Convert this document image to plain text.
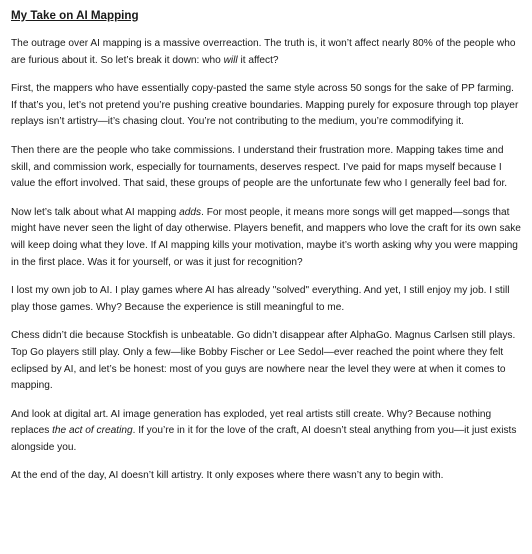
My Take on AI Mapping

The outrage over AI mapping is a massive overreaction. The truth is, it won’t affect nearly 80% of the people who are furious about it. So let’s break it down: who will it affect?

First, the mappers who have essentially copy-pasted the same style across 50 songs for the sake of PP farming. If that’s you, let’s not pretend you’re pushing creative boundaries. Mapping purely for exposure through top player replays isn’t artistry—it’s chasing clout. You’re not contributing to the medium, you’re commodifying it.

Then there are the people who take commissions. I understand their frustration more. Mapping takes time and skill, and commission work, especially for tournaments, deserves respect. I’ve paid for maps myself because I value the effort involved. That said, these groups of people are the unfortunate few who I generally feel bad for.

Now let’s talk about what AI mapping adds. For most people, it means more songs will get mapped—songs that might have never seen the light of day otherwise. Players benefit, and mappers who love the craft for its own sake will keep doing what they love. If AI mapping kills your motivation, maybe it’s worth asking why you were mapping in the first place. Was it for yourself, or was it just for recognition?

I lost my own job to AI. I play games where AI has already "solved" everything. And yet, I still enjoy my job. I still play those games. Why? Because the experience is still meaningful to me.

Chess didn’t die because Stockfish is unbeatable. Go didn’t disappear after AlphaGo. Magnus Carlsen still plays. Top Go players still play. Only a few—like Bobby Fischer or Lee Sedol—ever reached the point where they felt eclipsed by AI, and let’s be honest: most of you guys are nowhere near the level they were at when it comes to mapping.

And look at digital art. AI image generation has exploded, yet real artists still create. Why? Because nothing replaces the act of creating. If you’re in it for the love of the craft, AI doesn’t steal anything from you—it just exists alongside you.

At the end of the day, AI doesn’t kill artistry. It only exposes where there wasn’t any to begin with.
